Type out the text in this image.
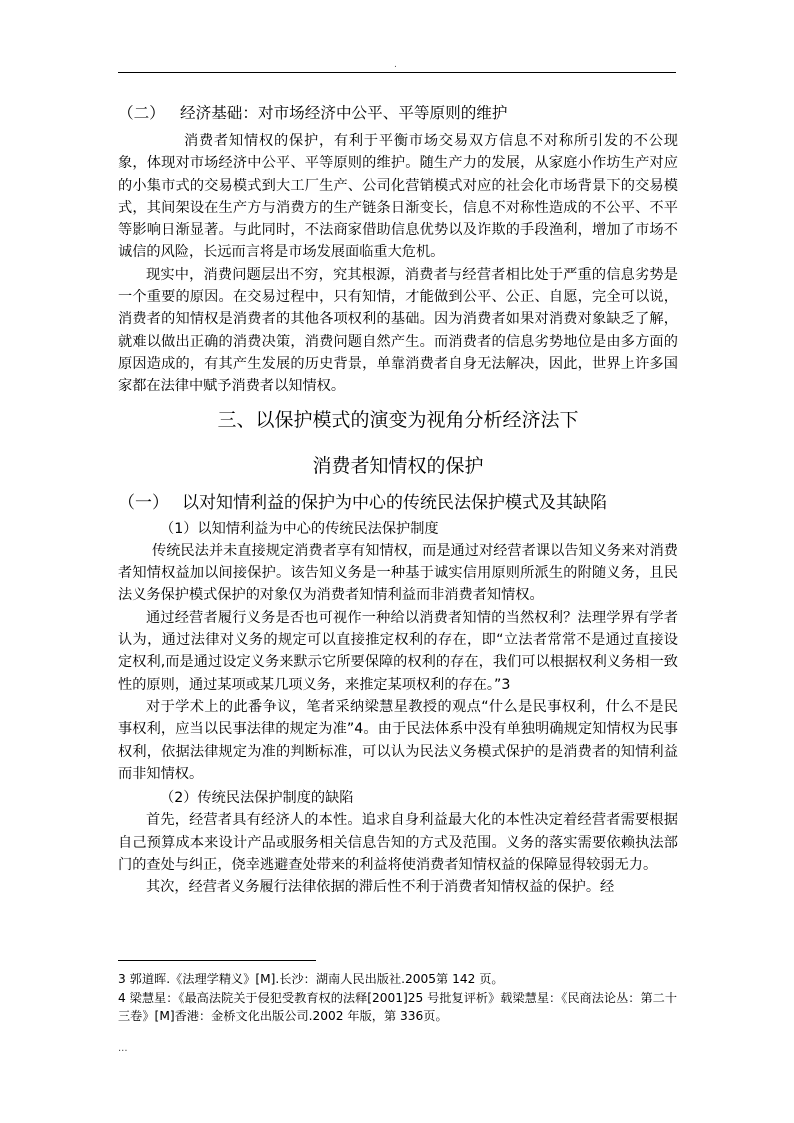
.
（二） 经济基础：对市场经济中公平、平等原则的维护

消费者知情权的保护，有利于平衡市场交易双方信息不对称所引发的不公现象，体现对市场经济中公平、平等原则的维护。随生产力的发展，从家庭小作坊生产对应的小集市式的交易模式到大工厂生产、公司化营销模式对应的社会化市场背景下的交易模式，其间架设在生产方与消费方的生产链条日渐变长，信息不对称性造成的不公平、不平等影响日渐显著。与此同时，不法商家借助信息优势以及诈欺的手段渔利，增加了市场不诚信的风险，长远而言将是市场发展面临重大危机。

现实中，消费问题层出不穷，究其根源，消费者与经营者相比处于严重的信息劣势是一个重要的原因。在交易过程中，只有知情，才能做到公平、公正、自愿，完全可以说，消费者的知情权是消费者的其他各项权利的基础。因为消费者如果对消费对象缺乏了解，就难以做出正确的消费决策，消费问题自然产生。而消费者的信息劣势地位是由多方面的原因造成的，有其产生发展的历史背景，单靠消费者自身无法解决，因此，世界上许多国家都在法律中赋予消费者以知情权。

三、以保护模式的演变为视角分析经济法下
消费者知情权的保护
（一） 以对知情利益的保护为中心的传统民法保护模式及其缺陷

（1）以知情利益为中心的传统民法保护制度

传统民法并未直接规定消费者享有知情权，而是通过对经营者课以告知义务来对消费者知情权益加以间接保护。该告知义务是一种基于诚实信用原则所派生的附随义务，且民法义务保护模式保护的对象仅为消费者知情利益而非消费者知情权。

通过经营者履行义务是否也可视作一种给以消费者知情的当然权利？法理学界有学者认为，通过法律对义务的规定可以直接推定权利的存在，即“立法者常常不是通过直接设定权利,而是通过设定义务来默示它所要保障的权利的存在，我们可以根据权利义务相一致性的原则，通过某项或某几项义务，来推定某项权利的存在。”3

对于学术上的此番争议，笔者采纳梁慧星教授的观点“什么是民事权利，什么不是民事权利，应当以民事法律的规定为准”4。由于民法体系中没有单独明确规定知情权为民事权利，依据法律规定为准的判断标准，可以认为民法义务模式保护的是消费者的知情利益而非知情权。

（2）传统民法保护制度的缺陷

首先，经营者具有经济人的本性。追求自身利益最大化的本性决定着经营者需要根据自己预算成本来设计产品或服务相关信息告知的方式及范围。义务的落实需要依赖执法部门的查处与纠正，侥幸逃避查处带来的利益将使消费者知情权益的保障显得较弱无力。

其次，经营者义务履行法律依据的滞后性不利于消费者知情权益的保护。经

3 郭道晖.《法理学精义》[M].长沙：湖南人民出版社.2005第 142 页。

4 梁慧星：《最高法院关于侵犯受教育权的法释[2001]25 号批复评析》载梁慧星：《民商法论丛：第二十三卷》[M]香港：金桥文化出版公司.2002 年版，第 336页。

...
